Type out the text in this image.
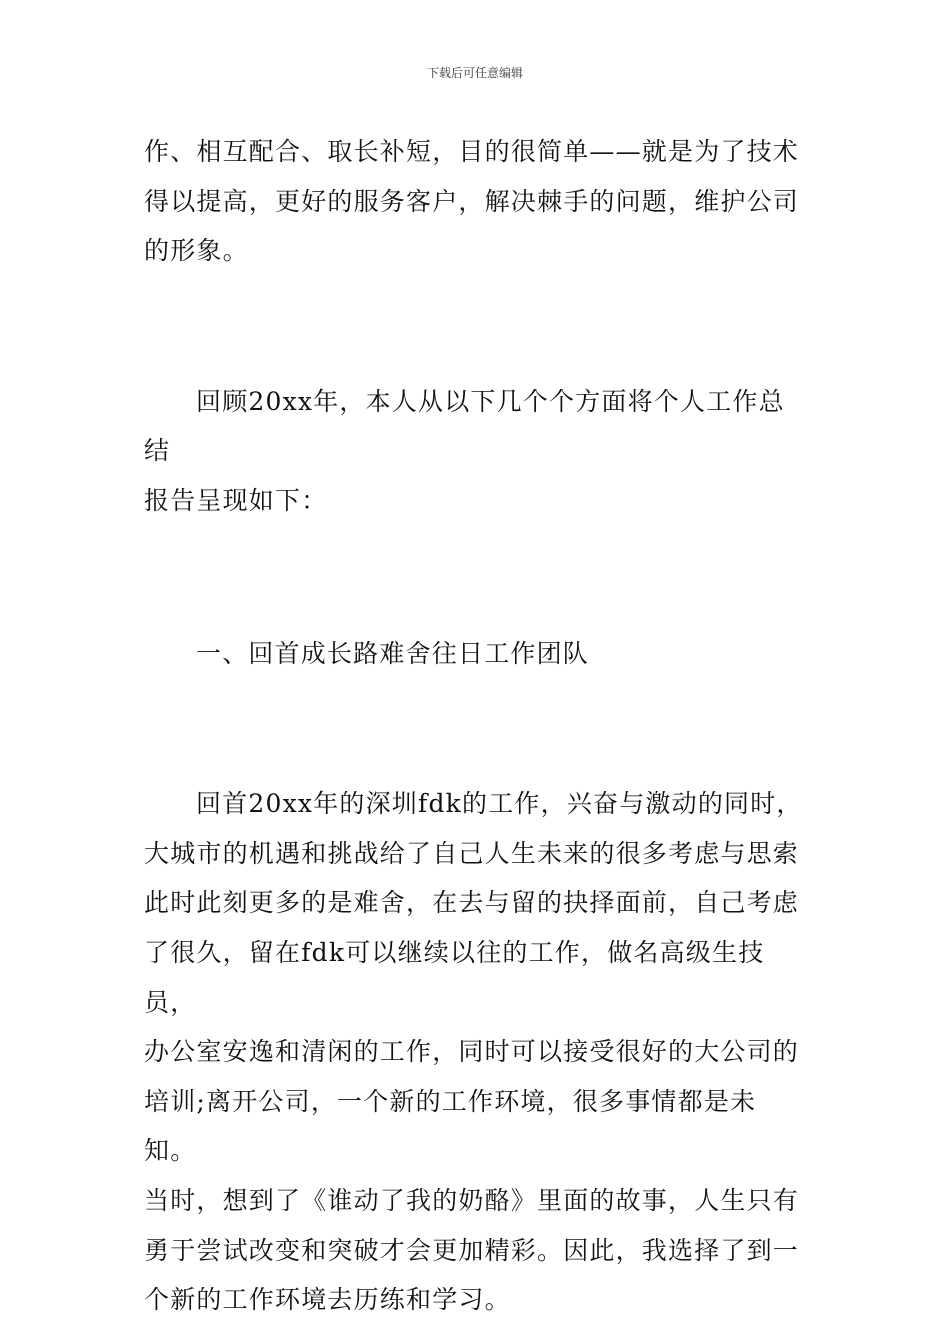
下载后可任意编辑
作、相互配合、取长补短，目的很简单——就是为了技术
得以提高，更好的服务客户，解决棘手的问题，维护公司
的形象。
回顾20xx年，本人从以下几个个方面将个人工作总结
报告呈现如下：
一、回首成长路难舍往日工作团队
回首20xx年的深圳fdk的工作，兴奋与激动的同时，
大城市的机遇和挑战给了自己人生未来的很多考虑与思索
此时此刻更多的是难舍，在去与留的抉择面前，自己考虑
了很久，留在fdk可以继续以往的工作，做名高级生技员，
办公室安逸和清闲的工作，同时可以接受很好的大公司的
培训;离开公司，一个新的工作环境，很多事情都是未知。
当时，想到了《谁动了我的奶酪》里面的故事，人生只有
勇于尝试改变和突破才会更加精彩。因此，我选择了到一
个新的工作环境去历练和学习。
